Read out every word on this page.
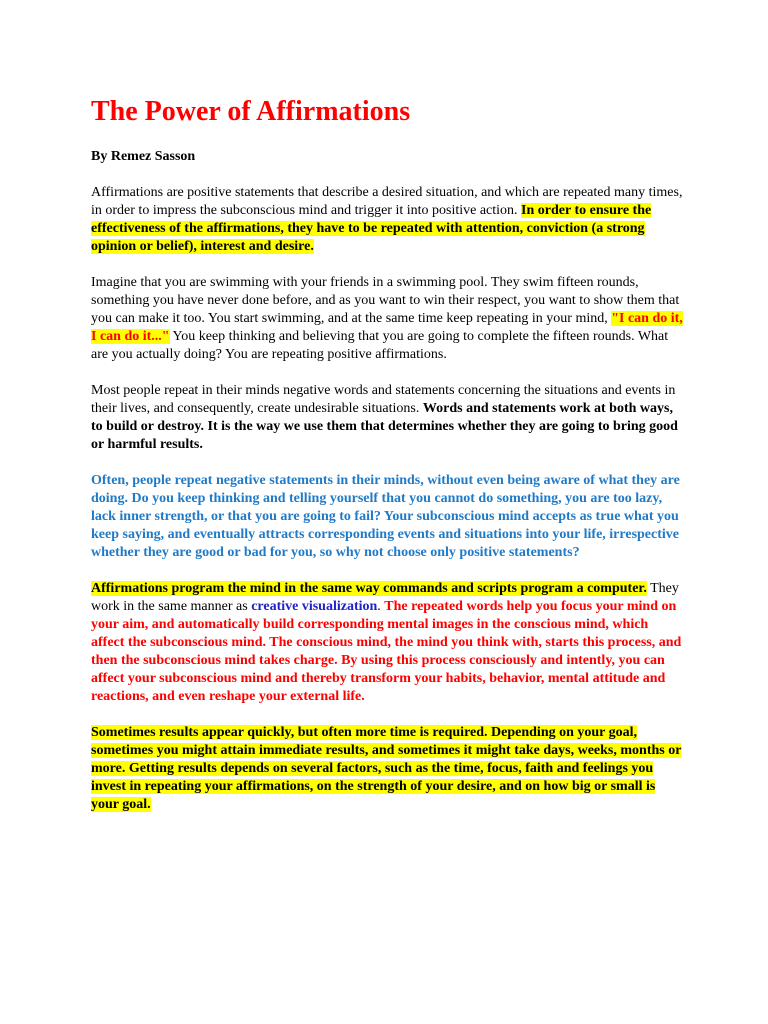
The Power of Affirmations
By Remez Sasson

Affirmations are positive statements that describe a desired situation, and which are repeated many times, in order to impress the subconscious mind and trigger it into positive action. In order to ensure the effectiveness of the affirmations, they have to be repeated with attention, conviction (a strong opinion or belief), interest and desire.

Imagine that you are swimming with your friends in a swimming pool. They swim fifteen rounds, something you have never done before, and as you want to win their respect, you want to show them that you can make it too. You start swimming, and at the same time keep repeating in your mind, "I can do it, I can do it..." You keep thinking and believing that you are going to complete the fifteen rounds. What are you actually doing? You are repeating positive affirmations.

Most people repeat in their minds negative words and statements concerning the situations and events in their lives, and consequently, create undesirable situations. Words and statements work at both ways, to build or destroy. It is the way we use them that determines whether they are going to bring good or harmful results.

Often, people repeat negative statements in their minds, without even being aware of what they are doing. Do you keep thinking and telling yourself that you cannot do something, you are too lazy, lack inner strength, or that you are going to fail? Your subconscious mind accepts as true what you keep saying, and eventually attracts corresponding events and situations into your life, irrespective whether they are good or bad for you, so why not choose only positive statements?

Affirmations program the mind in the same way commands and scripts program a computer. They work in the same manner as creative visualization. The repeated words help you focus your mind on your aim, and automatically build corresponding mental images in the conscious mind, which affect the subconscious mind. The conscious mind, the mind you think with, starts this process, and then the subconscious mind takes charge. By using this process consciously and intently, you can affect your subconscious mind and thereby transform your habits, behavior, mental attitude and reactions, and even reshape your external life.

Sometimes results appear quickly, but often more time is required. Depending on your goal, sometimes you might attain immediate results, and sometimes it might take days, weeks, months or more. Getting results depends on several factors, such as the time, focus, faith and feelings you invest in repeating your affirmations, on the strength of your desire, and on how big or small is your goal.
